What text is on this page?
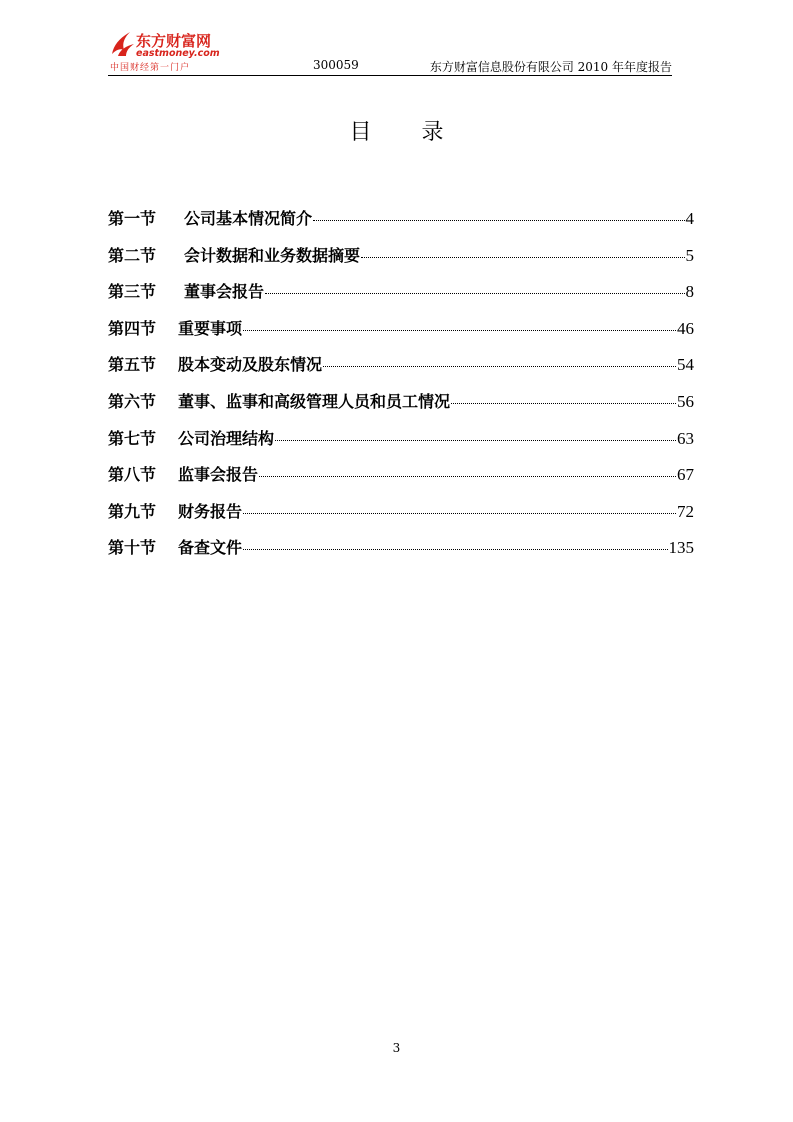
东方财富网
eastmoney.com
中国财经第一门户	300059	东方财富信息股份有限公司 2010 年年度报告
目录
第一节	公司基本情况简介	4
第二节	会计数据和业务数据摘要	5
第三节	董事会报告	8
第四节	重要事项	46
第五节	股本变动及股东情况	54
第六节	董事、监事和高级管理人员和员工情况	56
第七节	公司治理结构	63
第八节	监事会报告	67
第九节	财务报告	72
第十节	备查文件	135
3
